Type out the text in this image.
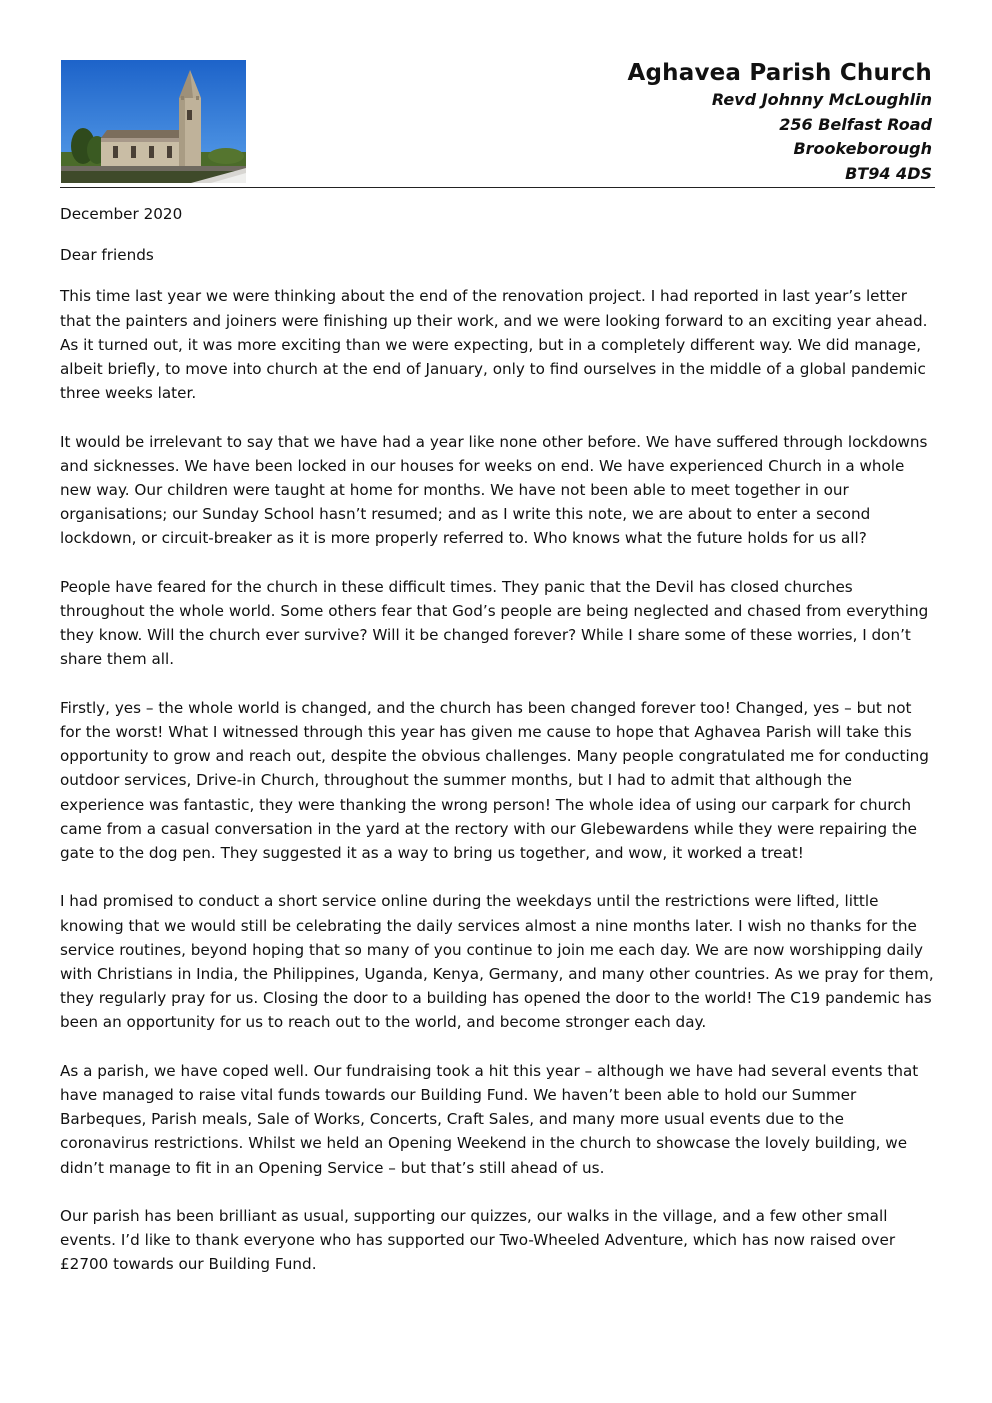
Aghavea Parish Church
Revd Johnny McLoughlin
256 Belfast Road
Brookeborough
BT94 4DS

December 2020

Dear friends

This time last year we were thinking about the end of the renovation project. I had reported in last year’s letter that the painters and joiners were finishing up their work, and we were looking forward to an exciting year ahead. As it turned out, it was more exciting than we were expecting, but in a completely different way. We did manage, albeit briefly, to move into church at the end of January, only to find ourselves in the middle of a global pandemic three weeks later.

It would be irrelevant to say that we have had a year like none other before. We have suffered through lockdowns and sicknesses. We have been locked in our houses for weeks on end. We have experienced Church in a whole new way. Our children were taught at home for months. We have not been able to meet together in our organisations; our Sunday School hasn’t resumed; and as I write this note, we are about to enter a second lockdown, or circuit-breaker as it is more properly referred to. Who knows what the future holds for us all?

People have feared for the church in these difficult times. They panic that the Devil has closed churches throughout the whole world. Some others fear that God’s people are being neglected and chased from everything they know. Will the church ever survive? Will it be changed forever? While I share some of these worries, I don’t share them all.

Firstly, yes – the whole world is changed, and the church has been changed forever too! Changed, yes – but not for the worst! What I witnessed through this year has given me cause to hope that Aghavea Parish will take this opportunity to grow and reach out, despite the obvious challenges. Many people congratulated me for conducting outdoor services, Drive-in Church, throughout the summer months, but I had to admit that although the experience was fantastic, they were thanking the wrong person! The whole idea of using our carpark for church came from a casual conversation in the yard at the rectory with our Glebewardens while they were repairing the gate to the dog pen. They suggested it as a way to bring us together, and wow, it worked a treat!

I had promised to conduct a short service online during the weekdays until the restrictions were lifted, little knowing that we would still be celebrating the daily services almost a nine months later. I wish no thanks for the service routines, beyond hoping that so many of you continue to join me each day. We are now worshipping daily with Christians in India, the Philippines, Uganda, Kenya, Germany, and many other countries. As we pray for them, they regularly pray for us. Closing the door to a building has opened the door to the world! The C19 pandemic has been an opportunity for us to reach out to the world, and become stronger each day.

As a parish, we have coped well. Our fundraising took a hit this year – although we have had several events that have managed to raise vital funds towards our Building Fund. We haven’t been able to hold our Summer Barbeques, Parish meals, Sale of Works, Concerts, Craft Sales, and many more usual events due to the coronavirus restrictions. Whilst we held an Opening Weekend in the church to showcase the lovely building, we didn’t manage to fit in an Opening Service – but that’s still ahead of us.

Our parish has been brilliant as usual, supporting our quizzes, our walks in the village, and a few other small events. I’d like to thank everyone who has supported our Two-Wheeled Adventure, which has now raised over £2700 towards our Building Fund.
